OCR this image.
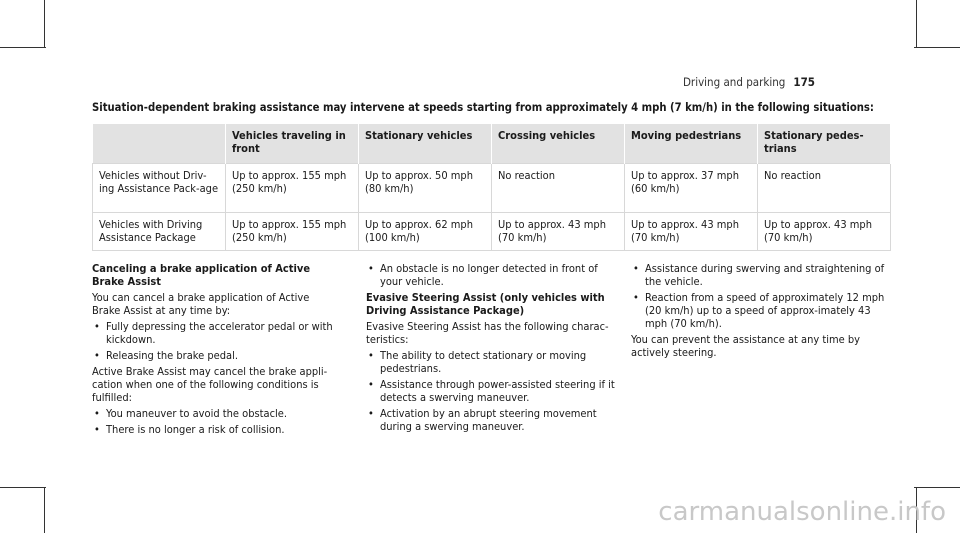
Driving and parking 175
Situation-dependent braking assistance may intervene at speeds starting from approximately 4 mph (7 km/h) in the following situations:
	Vehicles traveling in front	Stationary vehicles	Crossing vehicles	Moving pedestrians	Stationary pedes-trians
Vehicles without Driv-ing Assistance Pack-age	Up to approx. 155 mph (250 km/h)	Up to approx. 50 mph (80 km/h)	No reaction	Up to approx. 37 mph (60 km/h)	No reaction
Vehicles with Driving Assistance Package	Up to approx. 155 mph (250 km/h)	Up to approx. 62 mph (100 km/h)	Up to approx. 43 mph (70 km/h)	Up to approx. 43 mph (70 km/h)	Up to approx. 43 mph (70 km/h)
Canceling a brake application of Active Brake Assist
You can cancel a brake application of Active Brake Assist at any time by:
• Fully depressing the accelerator pedal or with kickdown.
• Releasing the brake pedal.
Active Brake Assist may cancel the brake appli-cation when one of the following conditions is fulfilled:
• You maneuver to avoid the obstacle.
• There is no longer a risk of collision.
• An obstacle is no longer detected in front of your vehicle.
Evasive Steering Assist (only vehicles with Driving Assistance Package)
Evasive Steering Assist has the following charac-teristics:
• The ability to detect stationary or moving pedestrians.
• Assistance through power-assisted steering if it detects a swerving maneuver.
• Activation by an abrupt steering movement during a swerving maneuver.
• Assistance during swerving and straightening of the vehicle.
• Reaction from a speed of approximately 12 mph (20 km/h) up to a speed of approx-imately 43 mph (70 km/h).
You can prevent the assistance at any time by actively steering.
carmanualsonline.info
